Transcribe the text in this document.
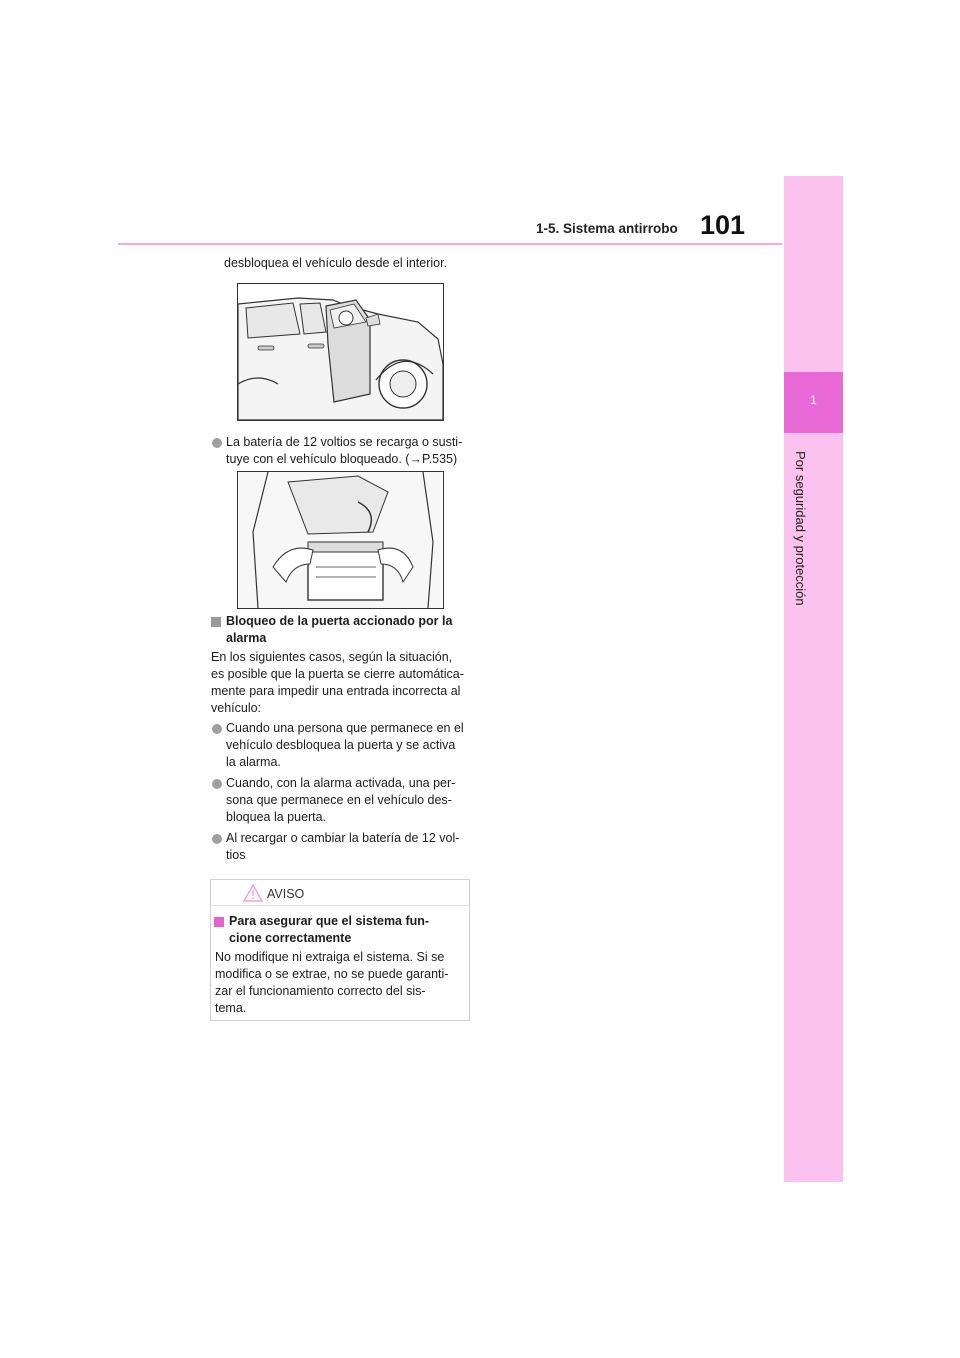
1-5. Sistema antirrobo 101
1
Por seguridad y protección
desbloquea el vehículo desde el interior.
La batería de 12 voltios se recarga o susti-
tuye con el vehículo bloqueado. (→P.535)
Bloqueo de la puerta accionado por la
alarma
En los siguientes casos, según la situación,
es posible que la puerta se cierre automática-
mente para impedir una entrada incorrecta al
vehículo:
Cuando una persona que permanece en el
vehículo desbloquea la puerta y se activa
la alarma.
Cuando, con la alarma activada, una per-
sona que permanece en el vehículo des-
bloquea la puerta.
Al recargar o cambiar la batería de 12 vol-
tios
AVISO
Para asegurar que el sistema fun-
cione correctamente
No modifique ni extraiga el sistema. Si se
modifica o se extrae, no se puede garanti-
zar el funcionamiento correcto del sis-
tema.
